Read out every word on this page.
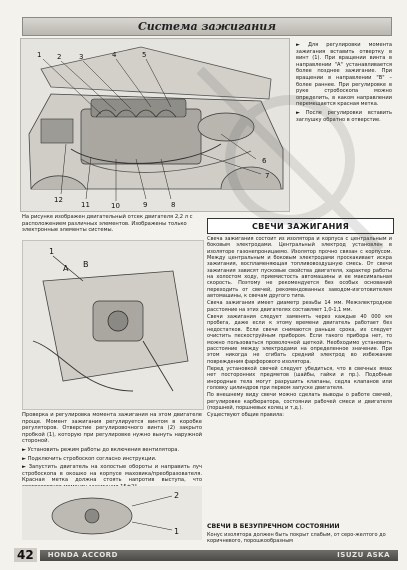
Система зажигания
1 2	3	4	5
6
7
8
9
10
11
12

► Для регулировки момента зажигания вставить отвертку в винт (1). При вращении винта в направлении "А" устанавливается более позднее зажигание. При вращении в направлении "В" – более раннее. При регулировке в руке стробоскопа можно определить, в каком направлении перемещается красная метка.

► После регулировки вставить заглушку обратно в отверстие.

На рисунке изображен двигательный отсек двигателя 2,2 л с расположением различных элементов. Изображены только электронные элементы системы.
1
A B

Проверка и регулировка момента зажигания на этом двигателе проще. Момент зажигания регулируется винтом в коробке регуляторов. Отверстие регулировочного винта (2) закрыто пробкой (1), которую при регулировке нужно вынуть наружной стороной.

► Установить режим работы до включения вентилятора.

► Подключить стробоскоп согласно инструкции.

► Запустить двигатель на холостые обороты и направить луч стробоскопа в окошко на корпусе маховика/преобразователя. Красная метка должна стоять напротив выступа, что

2
1
СВЕЧИ ЗАЖИГАНИЯ

Свеча зажигания состоит из изолятора и корпуса с центральным и боковым электродами. Центральный электрод установлен в изоляторе газонепроницаемо. Изолятор прочно связан с корпусом. Между центральным и боковым электродами проскакивает искра зажигания, воспламеняющая топливовоздушную смесь. От свечи зажигания зависят пусковые свойства двигателя, характер работы на холостом ходу, приемистость автомашины и ее максимальная скорость. Поэтому не рекомендуется без особых оснований переходить от свечей, рекомендованных заводом-изготовителем автомашины, к свечам другого типа.

Свеча зажигания имеет диаметр резьбы 14 мм. Межэлектродное расстояние на этих двигателях составляет 1,0-1,1 мм.

Свечи зажигания следует заменять через каждые 40 000 км пробега, даже если к этому времени двигатель работает без недостатков. Если свечи снимаются раньше срока, их следует очистить пескоструйным прибором. Если такого прибора нет, то можно пользоваться проволочной щеткой. Необходимо установить расстояние между электродами на определенное значение. При этом никогда не сгибать средний электрод во избежание повреждения фарфорового изолятора.

Перед установкой свечей следует убедиться, что в свечных ямах нет посторонних предметов (шайбы, гайки и пр.). Подобные инородные тела могут разрушить клапаны, седла клапанов или головку цилиндров при первом запуске двигателя.

По внешнему виду свечи можно сделать выводы о работе свечей, регулировке карбюратора, состоянии рабочей смеси и двигателя (поршней, поршневых колец и т.д.).

Существуют общие правила:

СВЕЧИ В БЕЗУПРЕЧНОМ СОСТОЯНИИ
Конус изолятора должен быть покрыт слабым, от серо-желтого до коричневого, порошкообразным
42	HONDA ACCORD	ISUZU ASKA
